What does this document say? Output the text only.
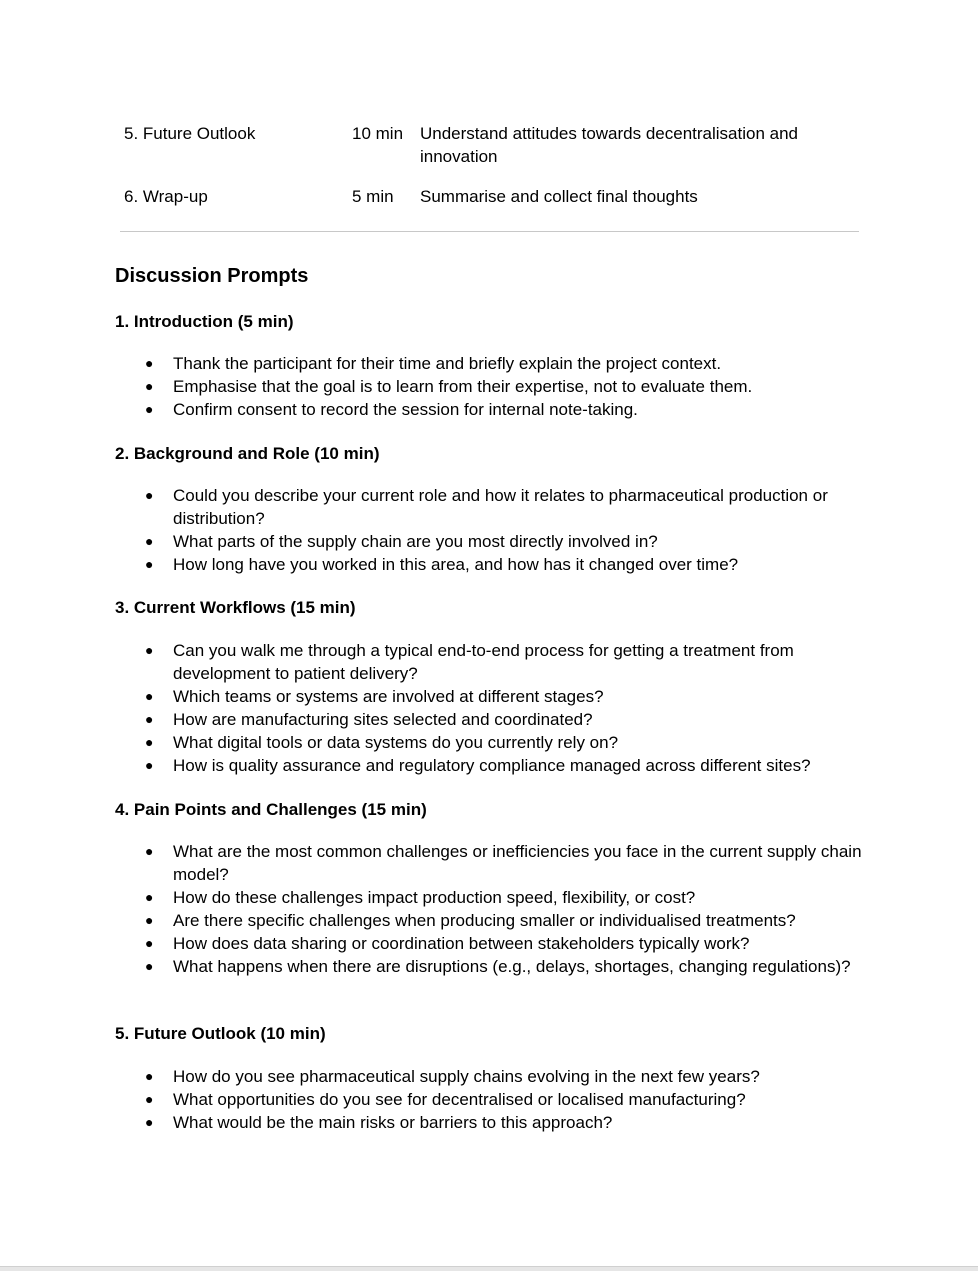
5. Future Outlook	10 min Understand attitudes towards decentralisation and innovation
6. Wrap-up	5 min	Summarise and collect final thoughts
Discussion Prompts
1. Introduction (5 min)
● Thank the participant for their time and briefly explain the project context.
● Emphasise that the goal is to learn from their expertise, not to evaluate them.
● Confirm consent to record the session for internal note-taking.
2. Background and Role (10 min)
● Could you describe your current role and how it relates to pharmaceutical production or distribution?
● What parts of the supply chain are you most directly involved in?
● How long have you worked in this area, and how has it changed over time?
3. Current Workflows (15 min)
● Can you walk me through a typical end-to-end process for getting a treatment from development to patient delivery?
● Which teams or systems are involved at different stages?
● How are manufacturing sites selected and coordinated?
● What digital tools or data systems do you currently rely on?
● How is quality assurance and regulatory compliance managed across different sites?
4. Pain Points and Challenges (15 min)
● What are the most common challenges or inefficiencies you face in the current supply chain model?
● How do these challenges impact production speed, flexibility, or cost?
● Are there specific challenges when producing smaller or individualised treatments?
● How does data sharing or coordination between stakeholders typically work?
● What happens when there are disruptions (e.g., delays, shortages, changing regulations)?
5. Future Outlook (10 min)
● How do you see pharmaceutical supply chains evolving in the next few years?
● What opportunities do you see for decentralised or localised manufacturing?
● What would be the main risks or barriers to this approach?
